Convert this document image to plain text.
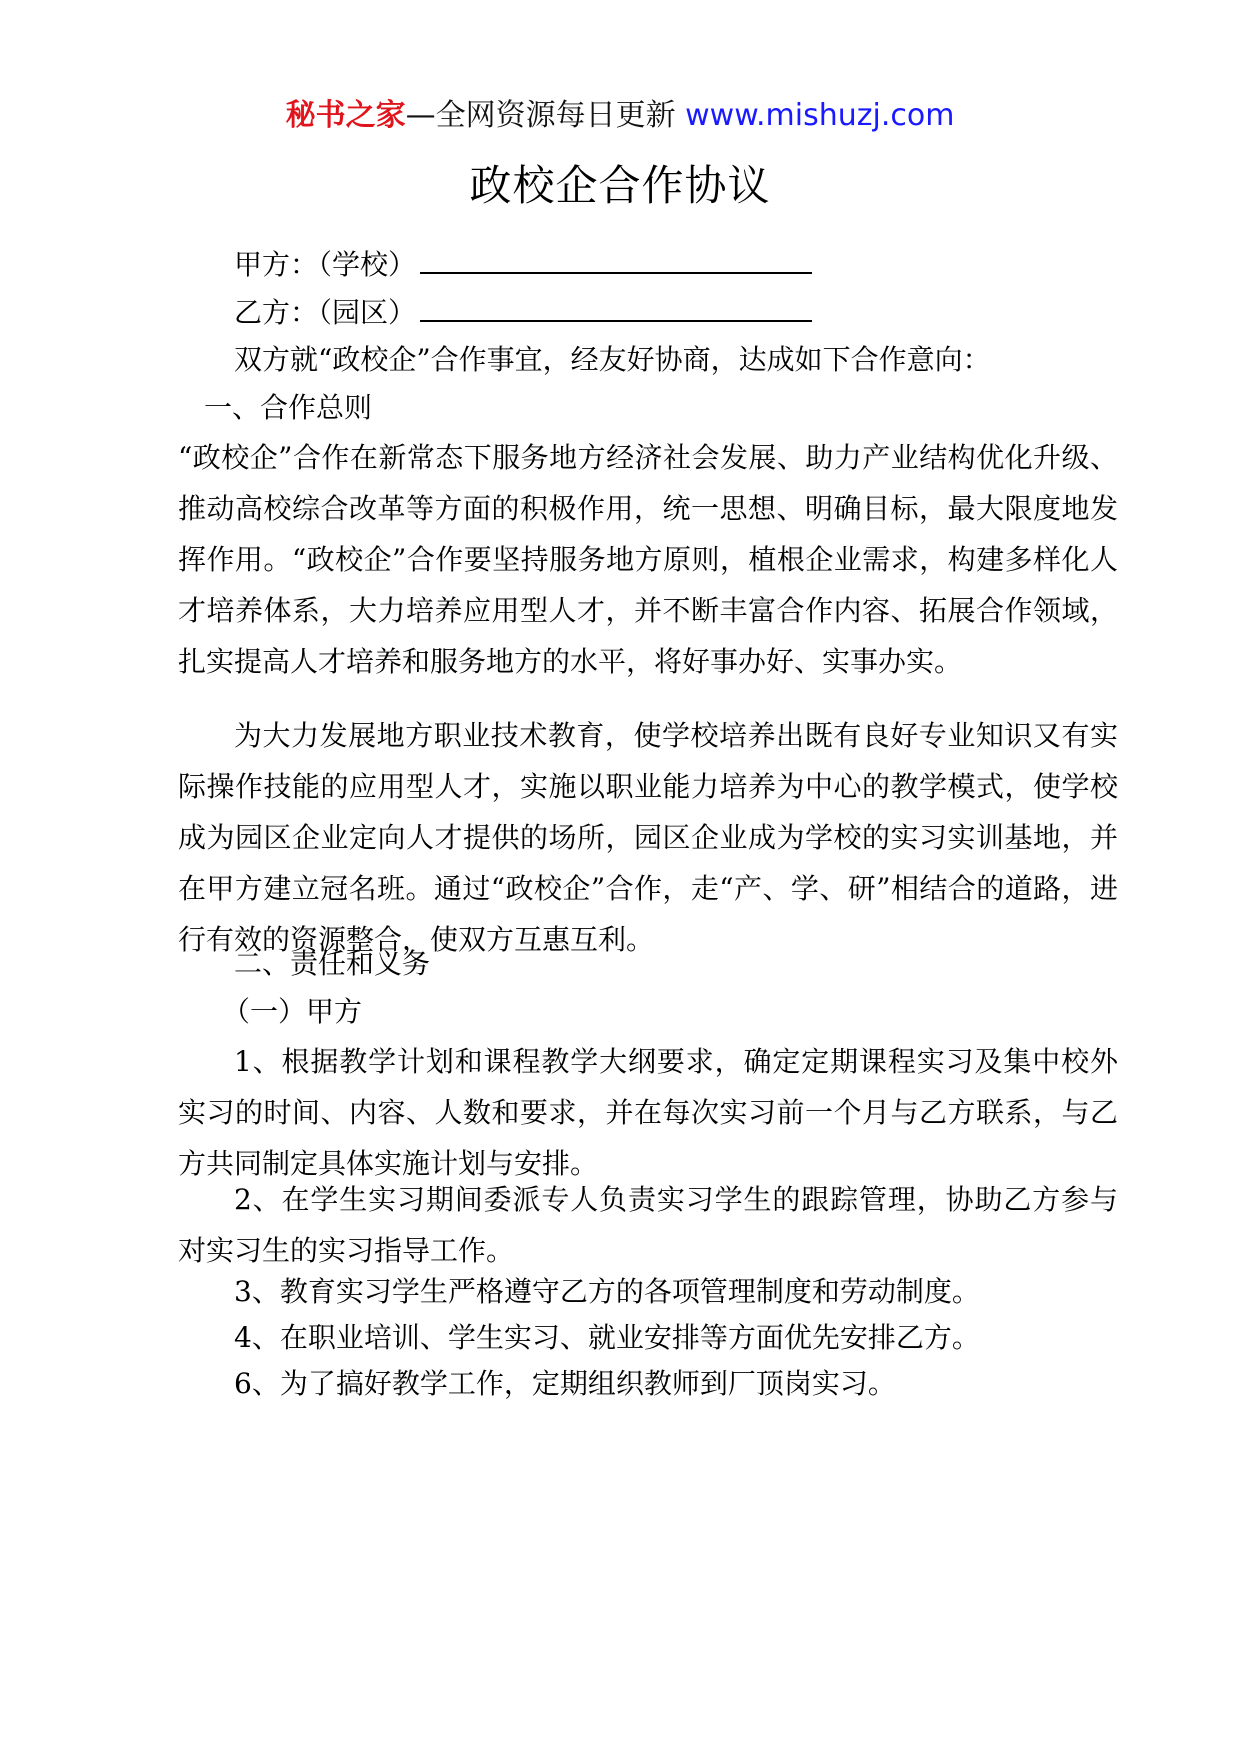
秘书之家—全网资源每日更新 www.mishuzj.com
政校企合作协议
甲方：（学校）
乙方：（园区）
双方就“政校企”合作事宜，经友好协商，达成如下合作意向：
一、合作总则
“政校企”合作在新常态下服务地方经济社会发展、助力产业结构优化升级、推动高校综合改革等方面的积极作用，统一思想、明确目标，最大限度地发挥作用。“政校企”合作要坚持服务地方原则，植根企业需求，构建多样化人才培养体系，大力培养应用型人才，并不断丰富合作内容、拓展合作领域，扎实提高人才培养和服务地方的水平，将好事办好、实事办实。
为大力发展地方职业技术教育，使学校培养出既有良好专业知识又有实际操作技能的应用型人才，实施以职业能力培养为中心的教学模式，使学校成为园区企业定向人才提供的场所，园区企业成为学校的实习实训基地，并在甲方建立冠名班。通过“政校企”合作，走“产、学、研”相结合的道路，进行有效的资源整合，使双方互惠互利。
二、责任和义务
（一）甲方
1、根据教学计划和课程教学大纲要求，确定定期课程实习及集中校外实习的时间、内容、人数和要求，并在每次实习前一个月与乙方联系，与乙方共同制定具体实施计划与安排。
2、在学生实习期间委派专人负责实习学生的跟踪管理，协助乙方参与对实习生的实习指导工作。
3、教育实习学生严格遵守乙方的各项管理制度和劳动制度。
4、在职业培训、学生实习、就业安排等方面优先安排乙方。
6、为了搞好教学工作，定期组织教师到厂顶岗实习。
